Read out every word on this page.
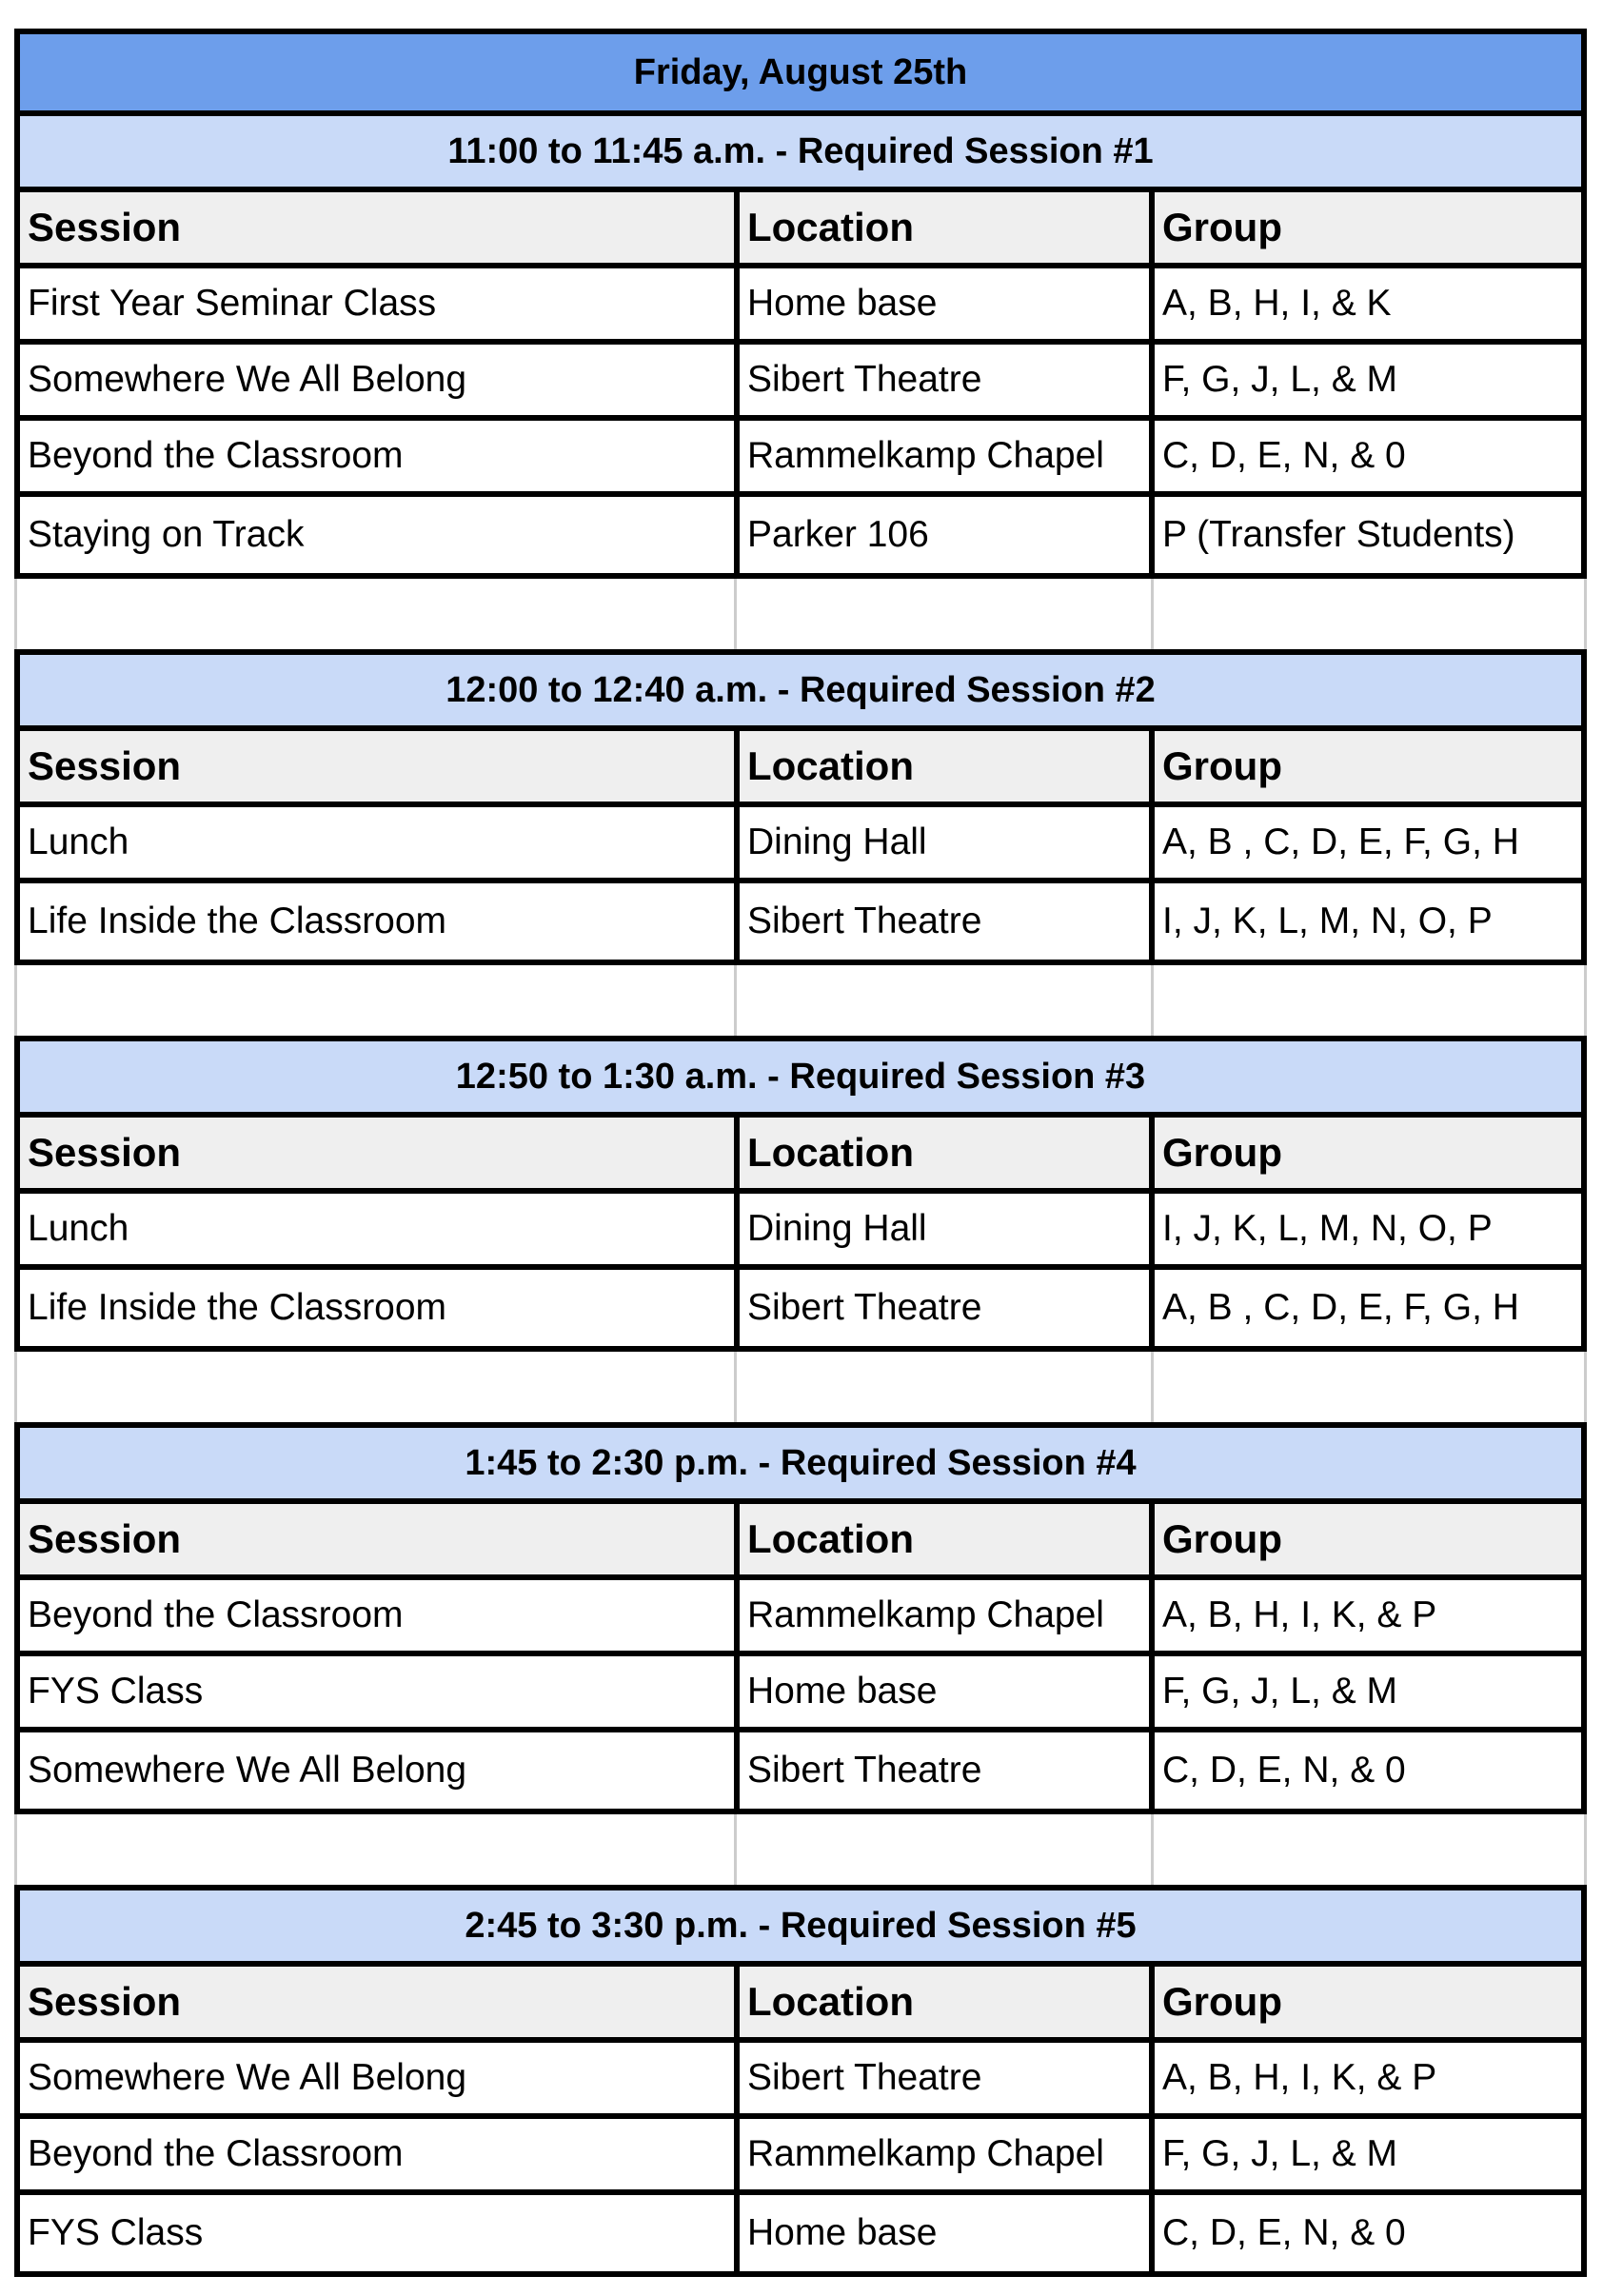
Friday, August 25th
11:00 to 11:45 a.m. - Required Session #1
Session	Location	Group
First Year Seminar Class	Home base	A, B, H, I, & K
Somewhere We All Belong	Sibert Theatre	F, G, J, L, & M
Beyond the Classroom	Rammelkamp Chapel	C, D, E, N, & 0
Staying on Track	Parker 106	P (Transfer Students)
12:00 to 12:40 a.m. - Required Session #2
Session	Location	Group
Lunch	Dining Hall	A, B , C, D, E, F, G, H
Life Inside the Classroom	Sibert Theatre	I, J, K, L, M, N, O, P
12:50 to 1:30 a.m. - Required Session #3
Session	Location	Group
Lunch	Dining Hall	I, J, K, L, M, N, O, P
Life Inside the Classroom	Sibert Theatre	A, B , C, D, E, F, G, H
1:45 to 2:30 p.m. - Required Session #4
Session	Location	Group
Beyond the Classroom	Rammelkamp Chapel	A, B, H, I, K, & P
FYS Class	Home base	F, G, J, L, & M
Somewhere We All Belong	Sibert Theatre	C, D, E, N, & 0
2:45 to 3:30 p.m. - Required Session #5
Session	Location	Group
Somewhere We All Belong	Sibert Theatre	A, B, H, I, K, & P
Beyond the Classroom	Rammelkamp Chapel	F, G, J, L, & M
FYS Class	Home base	C, D, E, N, & 0
